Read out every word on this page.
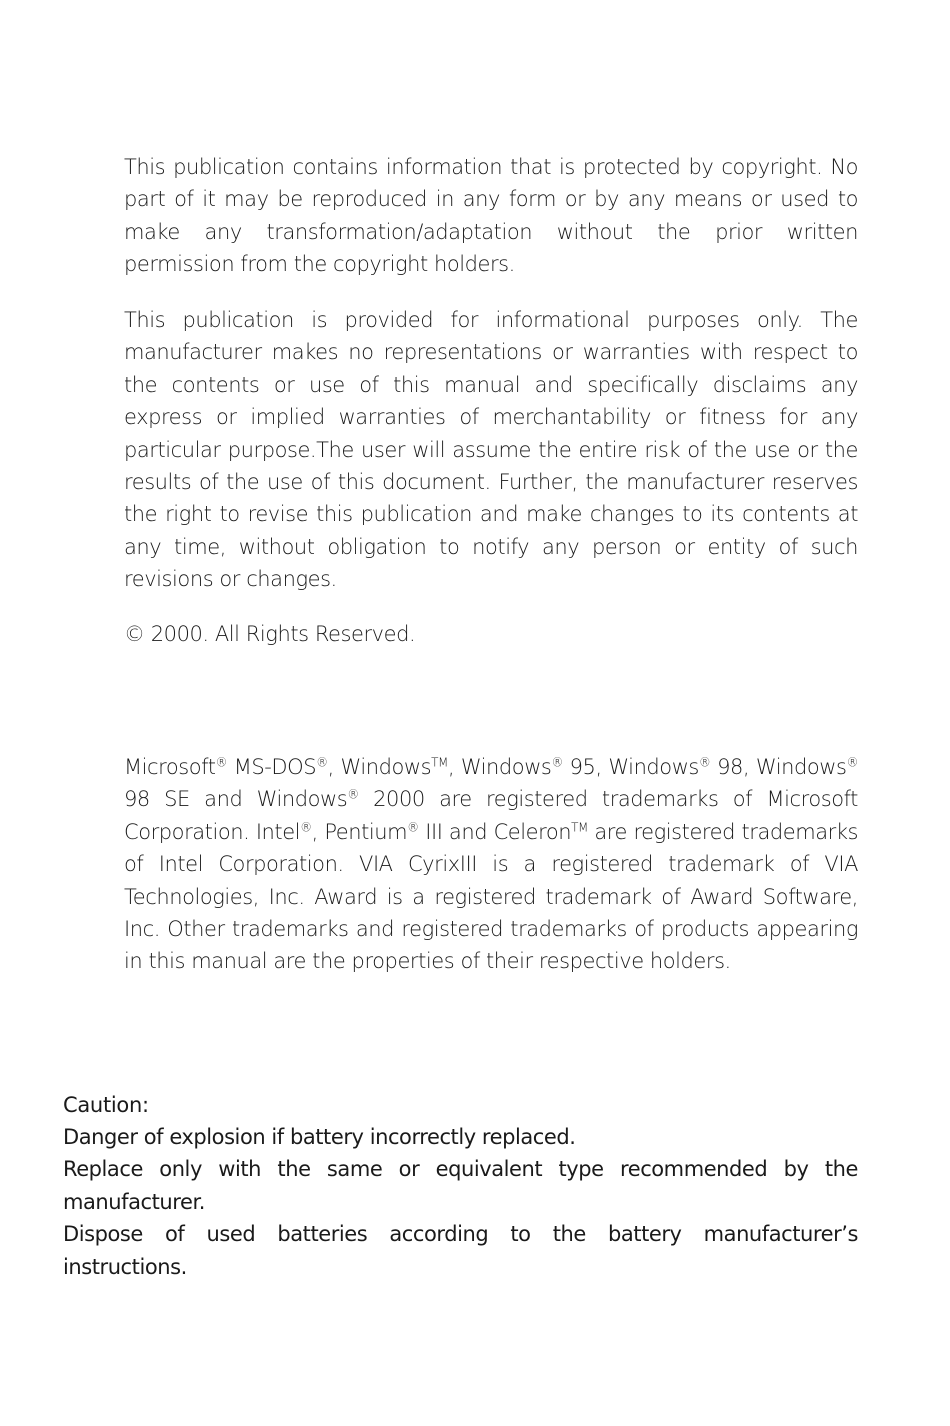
This publication contains information that is protected by copyright. No part of it may be reproduced in any form or by any means or used to make any transformation/adaptation without the prior written permission from the copyright holders.

This publication is provided for informational purposes only. The manufacturer makes no representations or warranties with respect to the contents or use of this manual and specifically disclaims any express or implied warranties of merchantability or fitness for any particular purpose.The user will assume the entire risk of the use or the results of the use of this document. Further, the manufacturer reserves the right to revise this publication and make changes to its contents at any time, without obligation to notify any person or entity of such revisions or changes.

© 2000. All Rights Reserved.

Microsoft® MS-DOS®, Windows™, Windows® 95, Windows® 98, Windows® 98 SE and Windows® 2000 are registered trademarks of Microsoft Corporation. Intel®, Pentium® III and Celeron™ are registered trademarks of Intel Corporation. VIA CyrixIII is a registered trademark of VIA Technologies, Inc. Award is a registered trademark of Award Software, Inc. Other trademarks and registered trademarks of products appearing in this manual are the properties of their respective holders.

Caution:

Danger of explosion if battery incorrectly replaced.

Replace only with the same or equivalent type recommended by the manufacturer.

Dispose of used batteries according to the battery manufacturer’s instructions.
